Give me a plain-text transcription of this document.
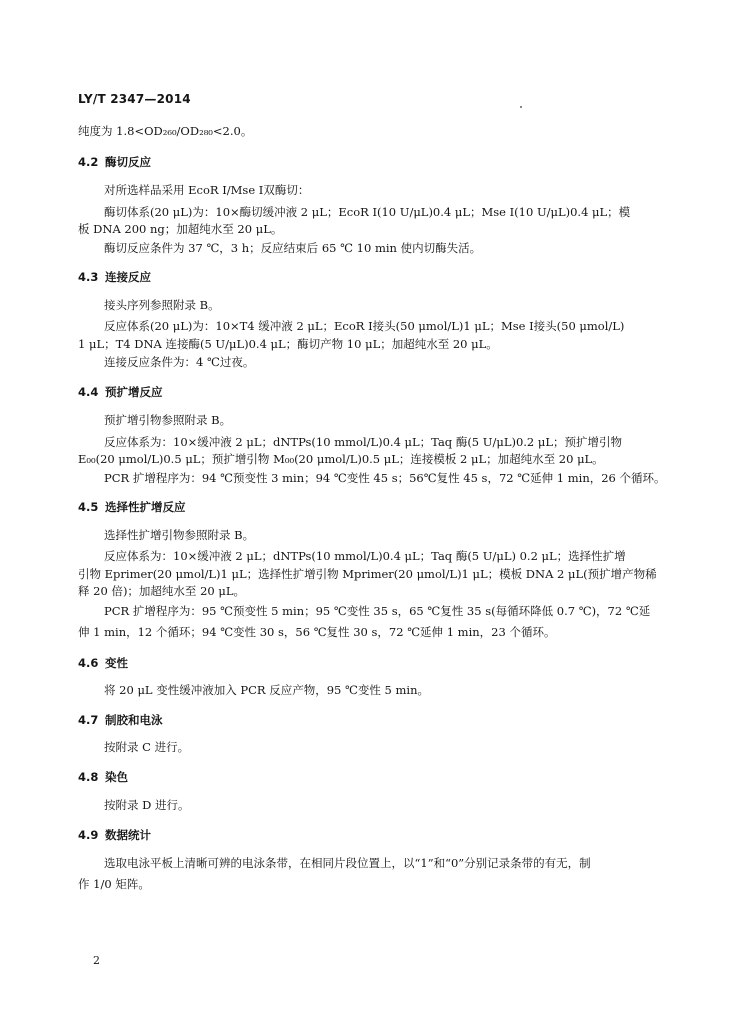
LY/T 2347—2014
纯度为 1.8<OD₂₆₀/OD₂₈₀<2.0。
4.2 酶切反应
对所选样品采用 EcoR Ⅰ/Mse Ⅰ双酶切：
酶切体系(20 μL)为：10×酶切缓冲液 2 μL；EcoR Ⅰ(10 U/μL)0.4 μL；Mse Ⅰ(10 U/μL)0.4 μL；模
板 DNA 200 ng；加超纯水至 20 μL。
酶切反应条件为 37 ℃，3 h；反应结束后 65 ℃ 10 min 使内切酶失活。
4.3 连接反应
接头序列参照附录 B。
反应体系(20 μL)为：10×T4 缓冲液 2 μL；EcoR Ⅰ接头(50 μmol/L)1 μL；Mse Ⅰ接头(50 μmol/L)
1 μL；T4 DNA 连接酶(5 U/μL)0.4 μL；酶切产物 10 μL；加超纯水至 20 μL。
连接反应条件为：4 ℃过夜。
4.4 预扩增反应
预扩增引物参照附录 B。
反应体系为：10×缓冲液 2 μL；dNTPs(10 mmol/L)0.4 μL；Taq 酶(5 U/μL)0.2 μL；预扩增引物
E₀₀(20 μmol/L)0.5 μL；预扩增引物 M₀₀(20 μmol/L)0.5 μL；连接模板 2 μL；加超纯水至 20 μL。
PCR 扩增程序为：94 ℃预变性 3 min；94 ℃变性 45 s；56℃复性 45 s，72 ℃延伸 1 min，26 个循环。
4.5 选择性扩增反应
选择性扩增引物参照附录 B。
反应体系为：10×缓冲液 2 μL；dNTPs(10 mmol/L)0.4 μL；Taq 酶(5 U/μL) 0.2 μL；选择性扩增
引物 Eprimer(20 μmol/L)1 μL；选择性扩增引物 Mprimer(20 μmol/L)1 μL；模板 DNA 2 μL(预扩增产物稀
释 20 倍)；加超纯水至 20 μL。
PCR 扩增程序为：95 ℃预变性 5 min；95 ℃变性 35 s，65 ℃复性 35 s(每循环降低 0.7 ℃)，72 ℃延
伸 1 min，12 个循环；94 ℃变性 30 s，56 ℃复性 30 s，72 ℃延伸 1 min，23 个循环。
4.6 变性
将 20 μL 变性缓冲液加入 PCR 反应产物，95 ℃变性 5 min。
4.7 制胶和电泳
按附录 C 进行。
4.8 染色
按附录 D 进行。
4.9 数据统计
选取电泳平板上清晰可辨的电泳条带，在相同片段位置上，以“1”和“0”分别记录条带的有无，制
作 1/0 矩阵。
2
